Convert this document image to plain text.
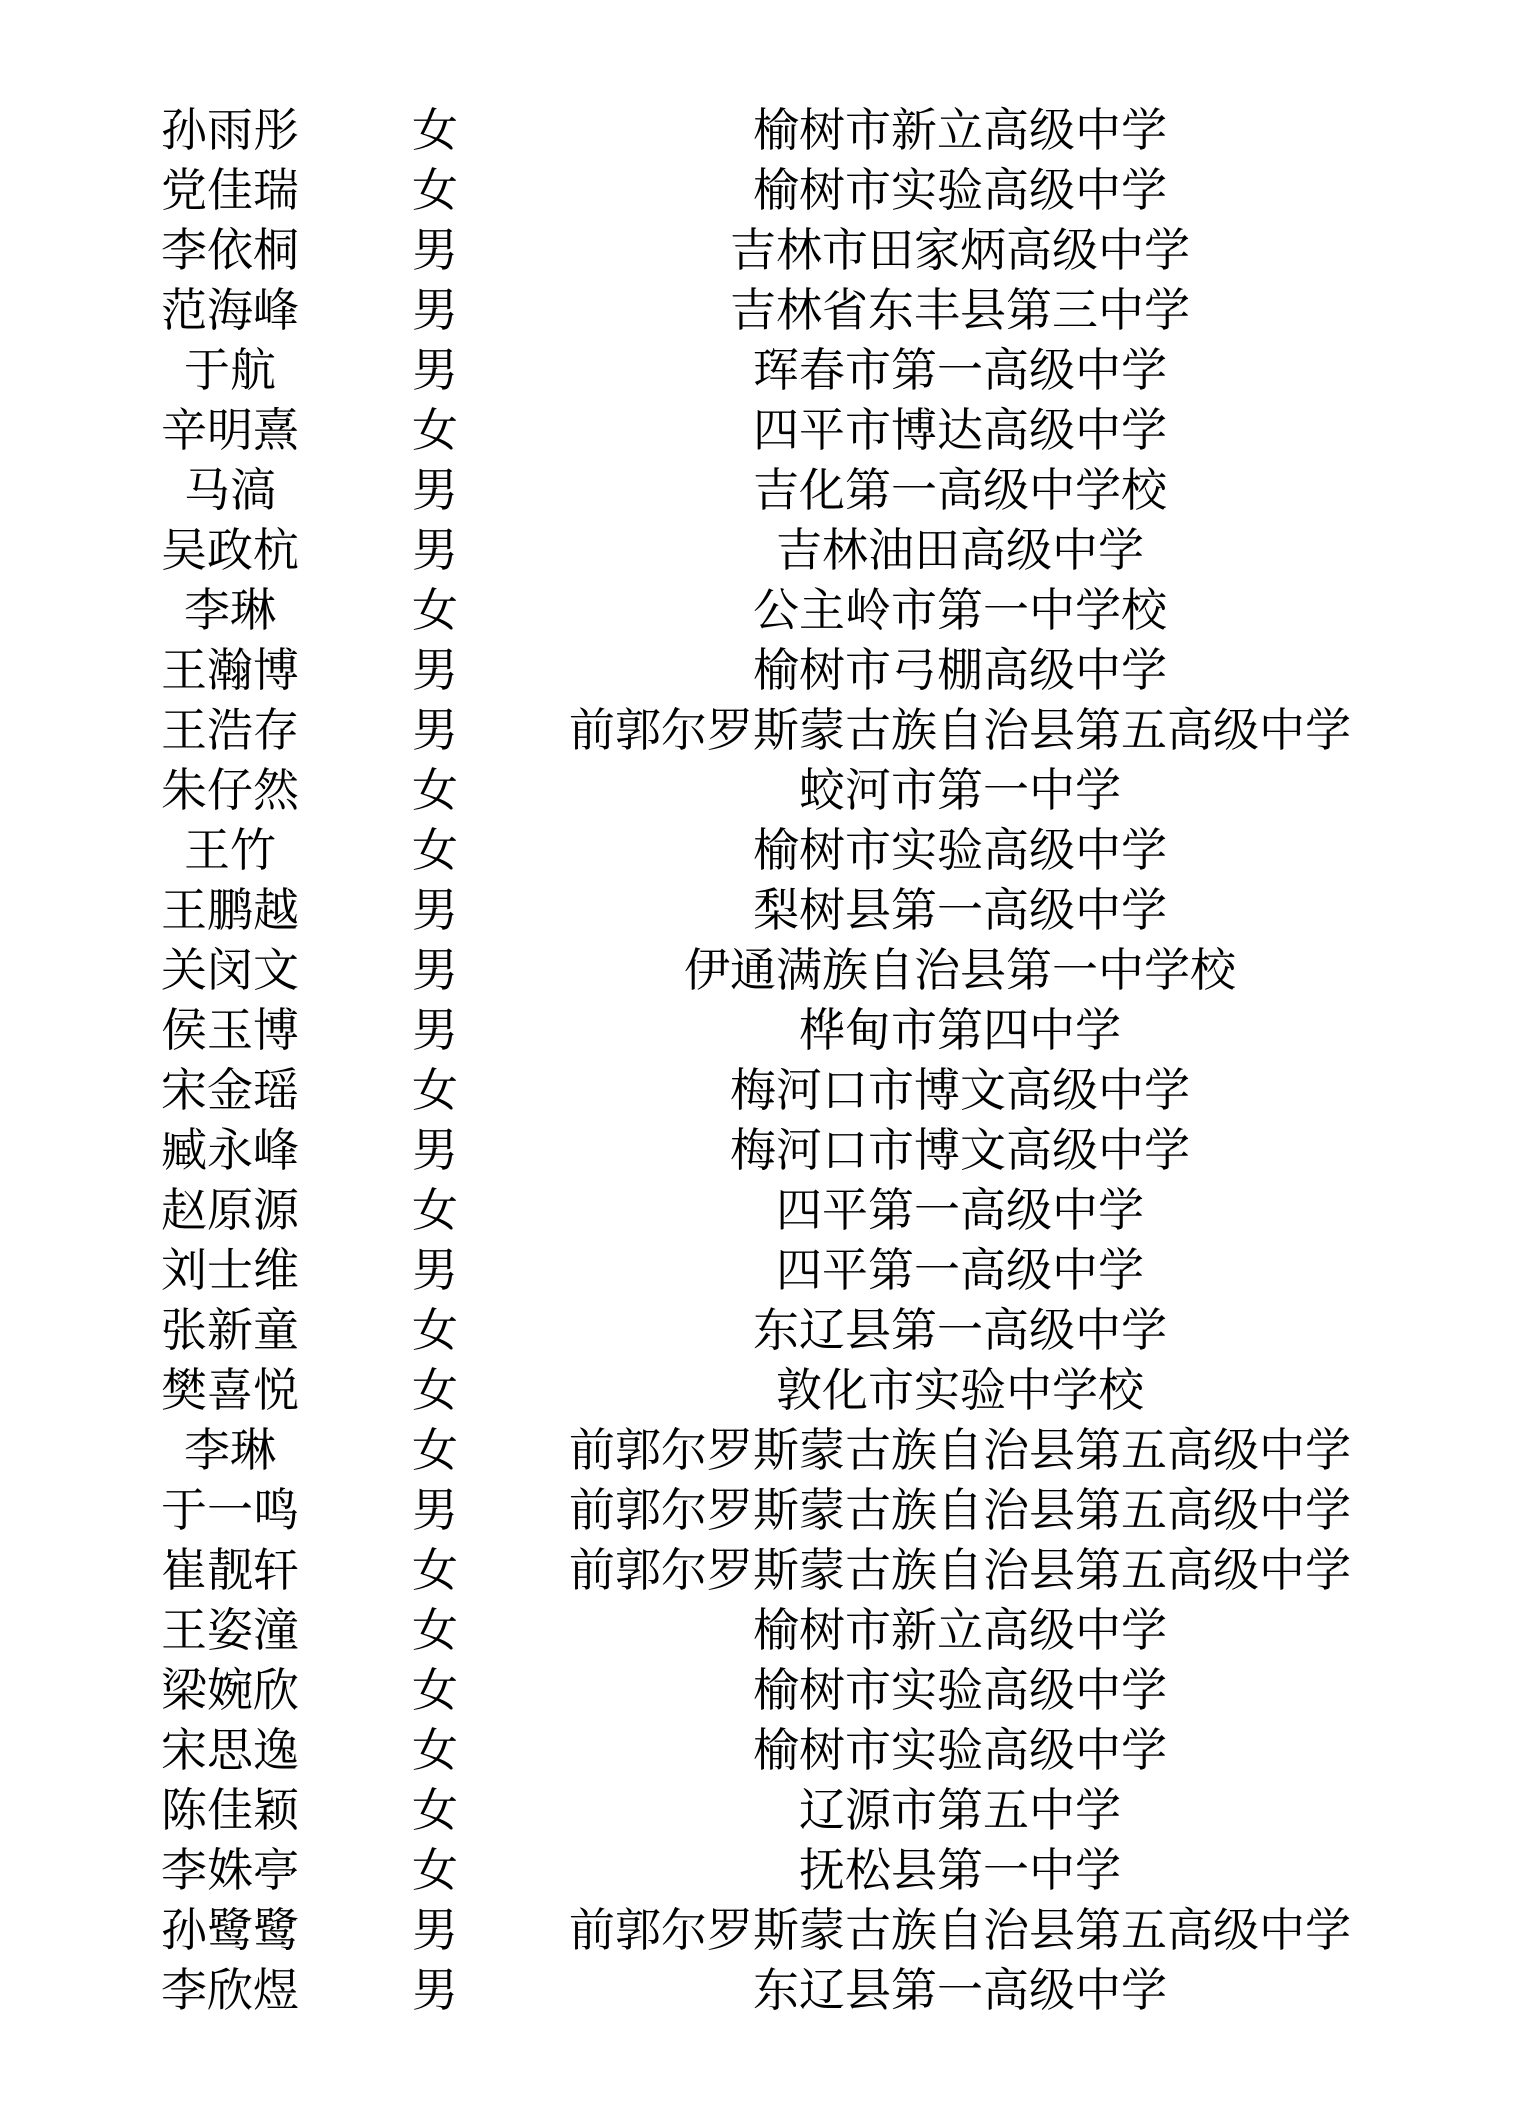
孙雨彤	女	榆树市新立高级中学
党佳瑞	女	榆树市实验高级中学
李依桐	男	吉林市田家炳高级中学
范海峰	男	吉林省东丰县第三中学
于航	男	珲春市第一高级中学
辛明熹	女	四平市博达高级中学
马滈	男	吉化第一高级中学校
吴政杭	男	吉林油田高级中学
李琳	女	公主岭市第一中学校
王瀚博	男	榆树市弓棚高级中学
王浩存	男	前郭尔罗斯蒙古族自治县第五高级中学
朱仔然	女	蛟河市第一中学
王竹	女	榆树市实验高级中学
王鹏越	男	梨树县第一高级中学
关闵文	男	伊通满族自治县第一中学校
侯玉博	男	桦甸市第四中学
宋金瑶	女	梅河口市博文高级中学
臧永峰	男	梅河口市博文高级中学
赵原源	女	四平第一高级中学
刘士维	男	四平第一高级中学
张新童	女	东辽县第一高级中学
樊喜悦	女	敦化市实验中学校
李琳	女	前郭尔罗斯蒙古族自治县第五高级中学
于一鸣	男	前郭尔罗斯蒙古族自治县第五高级中学
崔靓轩	女	前郭尔罗斯蒙古族自治县第五高级中学
王姿潼	女	榆树市新立高级中学
梁婉欣	女	榆树市实验高级中学
宋思逸	女	榆树市实验高级中学
陈佳颖	女	辽源市第五中学
李姝亭	女	抚松县第一中学
孙鹭鹭	男	前郭尔罗斯蒙古族自治县第五高级中学
李欣煜	男	东辽县第一高级中学
